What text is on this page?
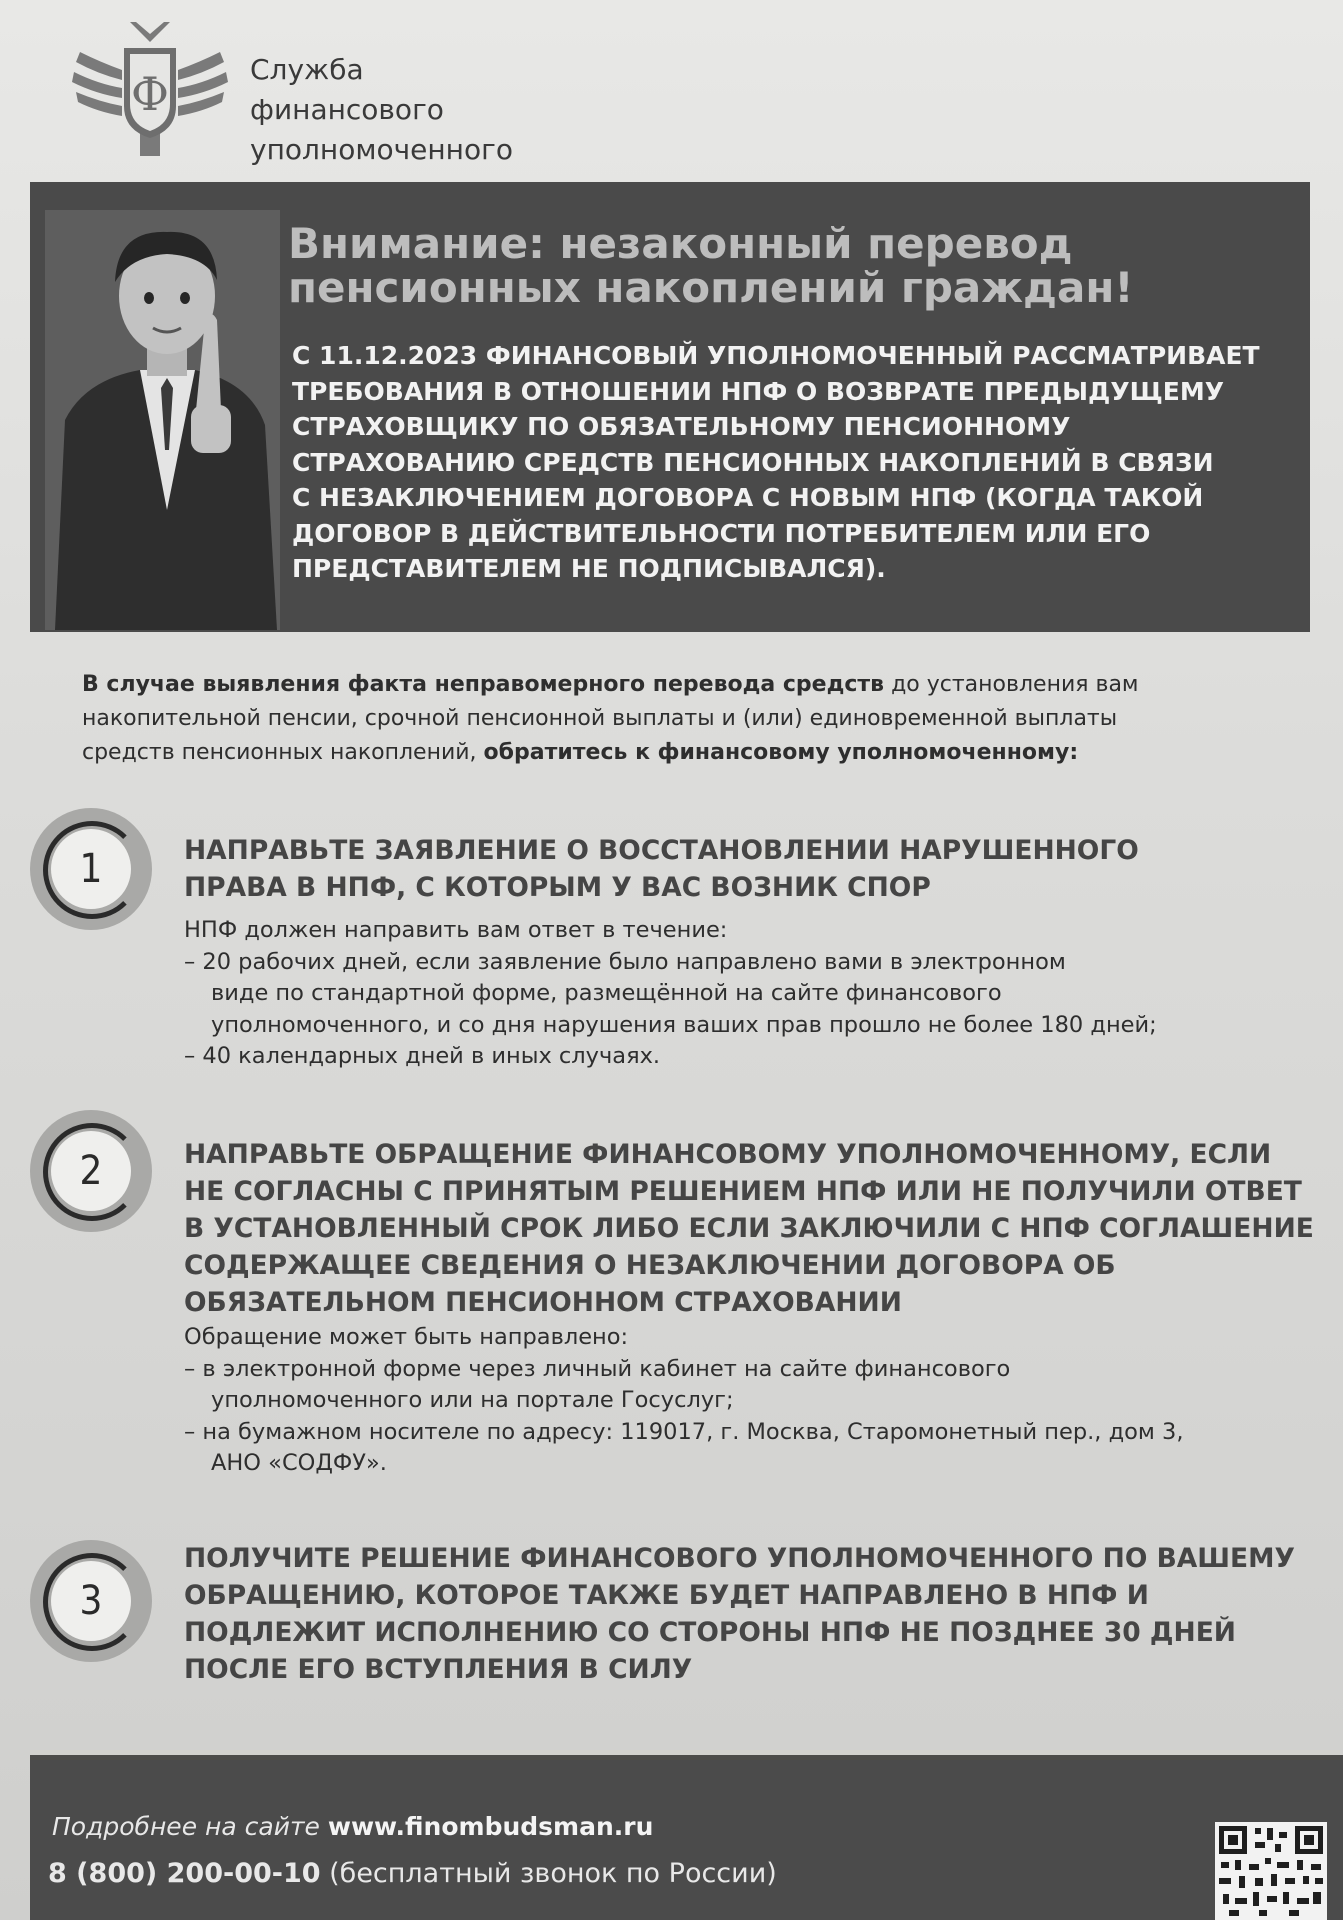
Ф	Служба
финансового
уполномоченного
Внимание: незаконный перевод
пенсионных накоплений граждан!
С 11.12.2023 ФИНАНСОВЫЙ УПОЛНОМОЧЕННЫЙ РАССМАТРИВАЕТ
ТРЕБОВАНИЯ В ОТНОШЕНИИ НПФ О ВОЗВРАТЕ ПРЕДЫДУЩЕМУ
СТРАХОВЩИКУ ПО ОБЯЗАТЕЛЬНОМУ ПЕНСИОННОМУ
СТРАХОВАНИЮ СРЕДСТВ ПЕНСИОННЫХ НАКОПЛЕНИЙ В СВЯЗИ
С НЕЗАКЛЮЧЕНИЕМ ДОГОВОРА С НОВЫМ НПФ (КОГДА ТАКОЙ
ДОГОВОР В ДЕЙСТВИТЕЛЬНОСТИ ПОТРЕБИТЕЛЕМ ИЛИ ЕГО
ПРЕДСТАВИТЕЛЕМ НЕ ПОДПИСЫВАЛСЯ).
В случае выявления факта неправомерного перевода средств до установления вам
накопительной пенсии, срочной пенсионной выплаты и (или) единовременной выплаты
средств пенсионных накоплений, обратитесь к финансовому уполномоченному:
1	НАПРАВЬТЕ ЗАЯВЛЕНИЕ О ВОССТАНОВЛЕНИИ НАРУШЕННОГО
ПРАВА В НПФ, С КОТОРЫМ У ВАС ВОЗНИК СПОР
НПФ должен направить вам ответ в течение:
– 20 рабочих дней, если заявление было направлено вами в электронном
виде по стандартной форме, размещённой на сайте финансового
уполномоченного, и со дня нарушения ваших прав прошло не более 180 дней;
– 40 календарных дней в иных случаях.
2	НАПРАВЬТЕ ОБРАЩЕНИЕ ФИНАНСОВОМУ УПОЛНОМОЧЕННОМУ, ЕСЛИ
НЕ СОГЛАСНЫ С ПРИНЯТЫМ РЕШЕНИЕМ НПФ ИЛИ НЕ ПОЛУЧИЛИ ОТВЕТ
В УСТАНОВЛЕННЫЙ СРОК ЛИБО ЕСЛИ ЗАКЛЮЧИЛИ С НПФ СОГЛАШЕНИЕ
СОДЕРЖАЩЕЕ СВЕДЕНИЯ О НЕЗАКЛЮЧЕНИИ ДОГОВОРА ОБ
ОБЯЗАТЕЛЬНОМ ПЕНСИОННОМ СТРАХОВАНИИ
Обращение может быть направлено:
– в электронной форме через личный кабинет на сайте финансового
уполномоченного или на портале Госуслуг;
– на бумажном носителе по адресу: 119017, г. Москва, Старомонетный пер., дом 3,
АНО «СОДФУ».
3
ПОЛУЧИТЕ РЕШЕНИЕ ФИНАНСОВОГО УПОЛНОМОЧЕННОГО ПО ВАШЕМУ
ОБРАЩЕНИЮ, КОТОРОЕ ТАКЖЕ БУДЕТ НАПРАВЛЕНО В НПФ И
ПОДЛЕЖИТ ИСПОЛНЕНИЮ СО СТОРОНЫ НПФ НЕ ПОЗДНЕЕ 30 ДНЕЙ
ПОСЛЕ ЕГО ВСТУПЛЕНИЯ В СИЛУ
Подробнее на сайте www.finombudsman.ru
8 (800) 200-00-10 (бесплатный звонок по России)
